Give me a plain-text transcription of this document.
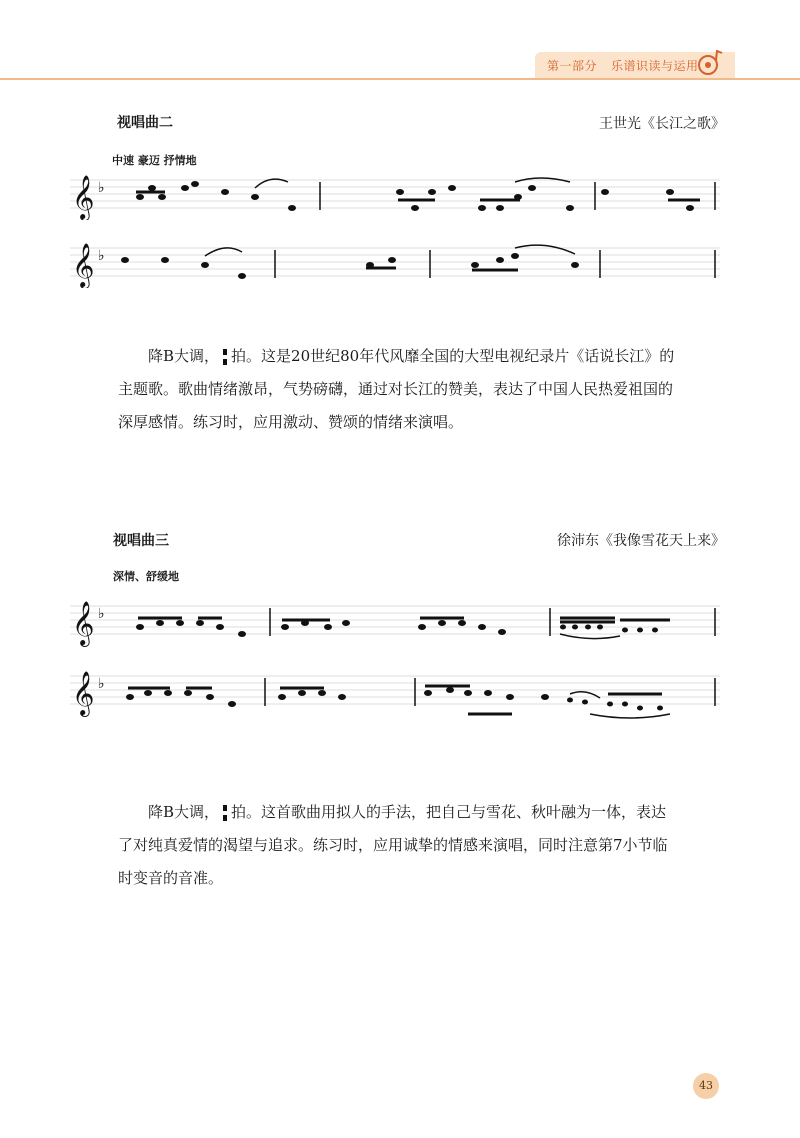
第一部分 乐谱识读与运用
视唱曲二	王世光《长江之歌》
中速 豪迈 抒情地
𝄞 ♭
𝄞 ♭

降B大调， 拍。这是20世纪80年代风靡全国的大型电视纪录片《话说长江》的主题歌。歌曲情绪激昂，气势磅礴，通过对长江的赞美，表达了中国人民热爱祖国的深厚感情。练习时，应用激动、赞颂的情绪来演唱。

视唱曲三	徐沛东《我像雪花天上来》
深情、舒缓地
𝄞 ♭
𝄞 ♭

降B大调， 拍。这首歌曲用拟人的手法，把自己与雪花、秋叶融为一体，表达了对纯真爱情的渴望与追求。练习时，应用诚挚的情感来演唱，同时注意第7小节临时变音的音准。

43
